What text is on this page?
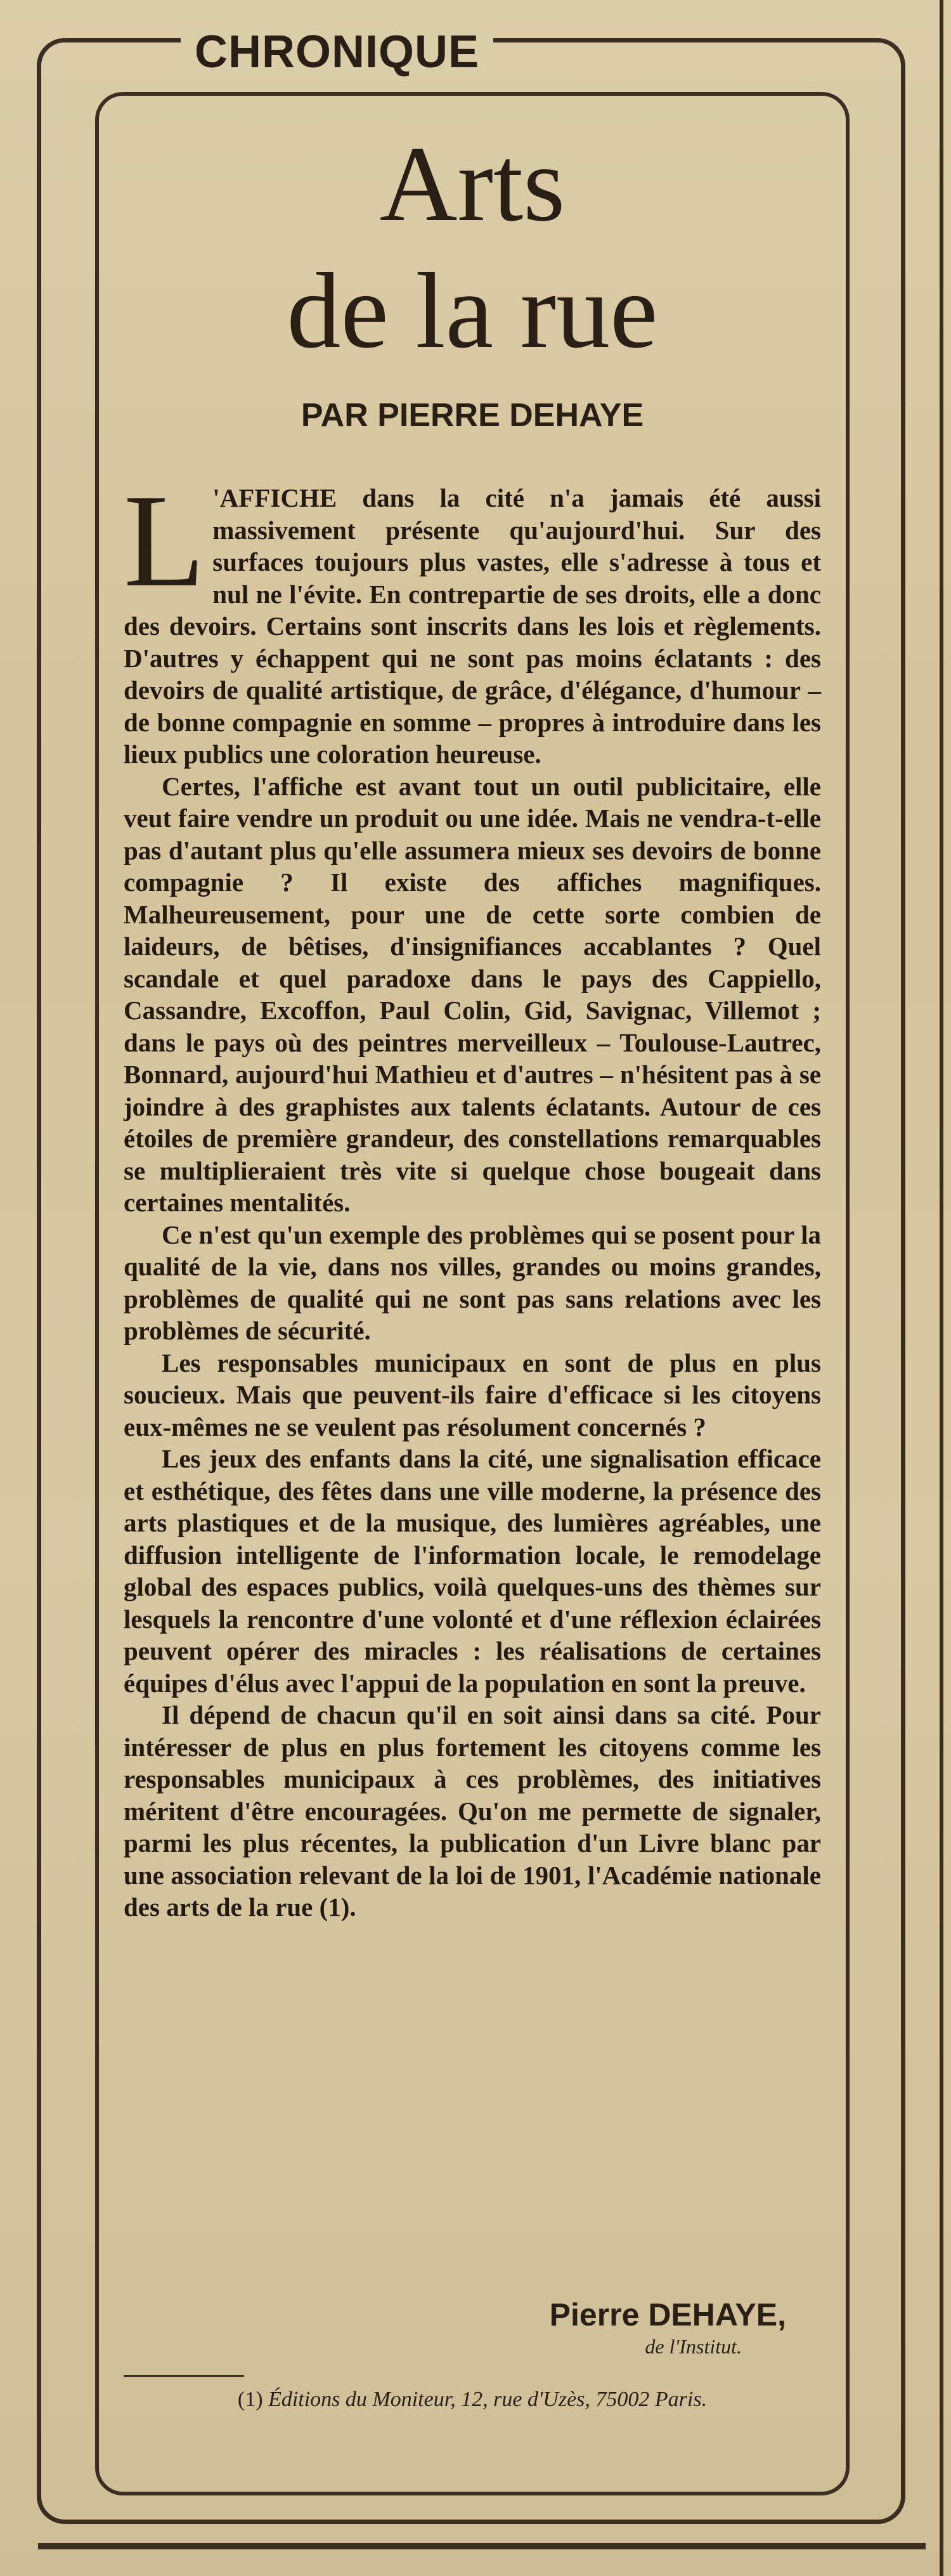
CHRONIQUE
Arts
de la rue
PAR PIERRE DEHAYE

L 'AFFICHE dans la cité n'a jamais été aussi massivement présente qu'aujourd'hui. Sur des surfaces toujours plus vastes, elle s'adresse à tous et nul ne l'évite. En contrepartie de ses droits, elle a donc des devoirs. Certains sont inscrits dans les lois et règlements. D'autres y échappent qui ne sont pas moins éclatants : des devoirs de qualité artistique, de grâce, d'élégance, d'humour – de bonne compagnie en somme – propres à introduire dans les lieux publics une coloration heureuse.

Certes, l'affiche est avant tout un outil publicitaire, elle veut faire vendre un produit ou une idée. Mais ne vendra-t-elle pas d'autant plus qu'elle assumera mieux ses devoirs de bonne compagnie ? Il existe des affiches magnifiques. Malheureusement, pour une de cette sorte combien de laideurs, de bêtises, d'insignifiances accablantes ? Quel scandale et quel paradoxe dans le pays des Cappiello, Cassandre, Excoffon, Paul Colin, Gid, Savignac, Villemot ; dans le pays où des peintres merveilleux – Toulouse-Lautrec, Bonnard, aujourd'hui Mathieu et d'autres – n'hésitent pas à se joindre à des graphistes aux talents éclatants. Autour de ces étoiles de première grandeur, des constellations remarquables se multiplieraient très vite si quelque chose bougeait dans certaines mentalités.

Ce n'est qu'un exemple des problèmes qui se posent pour la qualité de la vie, dans nos villes, grandes ou moins grandes, problèmes de qualité qui ne sont pas sans relations avec les problèmes de sécurité.

Les responsables municipaux en sont de plus en plus soucieux. Mais que peuvent-ils faire d'efficace si les citoyens eux-mêmes ne se veulent pas résolument concernés ?

Les jeux des enfants dans la cité, une signalisation efficace et esthétique, des fêtes dans une ville moderne, la présence des arts plastiques et de la musique, des lumières agréables, une diffusion intelligente de l'information locale, le remodelage global des espaces publics, voilà quelques-uns des thèmes sur lesquels la rencontre d'une volonté et d'une réflexion éclairées peuvent opérer des miracles : les réalisations de certaines équipes d'élus avec l'appui de la population en sont la preuve.

Il dépend de chacun qu'il en soit ainsi dans sa cité. Pour intéresser de plus en plus fortement les citoyens comme les responsables municipaux à ces problèmes, des initiatives méritent d'être encouragées. Qu'on me permette de signaler, parmi les plus récentes, la publication d'un Livre blanc par une association relevant de la loi de 1901, l'Académie nationale des arts de la rue (1).

Pierre DEHAYE,
de l'Institut.
(1) Éditions du Moniteur, 12, rue d'Uzès, 75002 Paris.
